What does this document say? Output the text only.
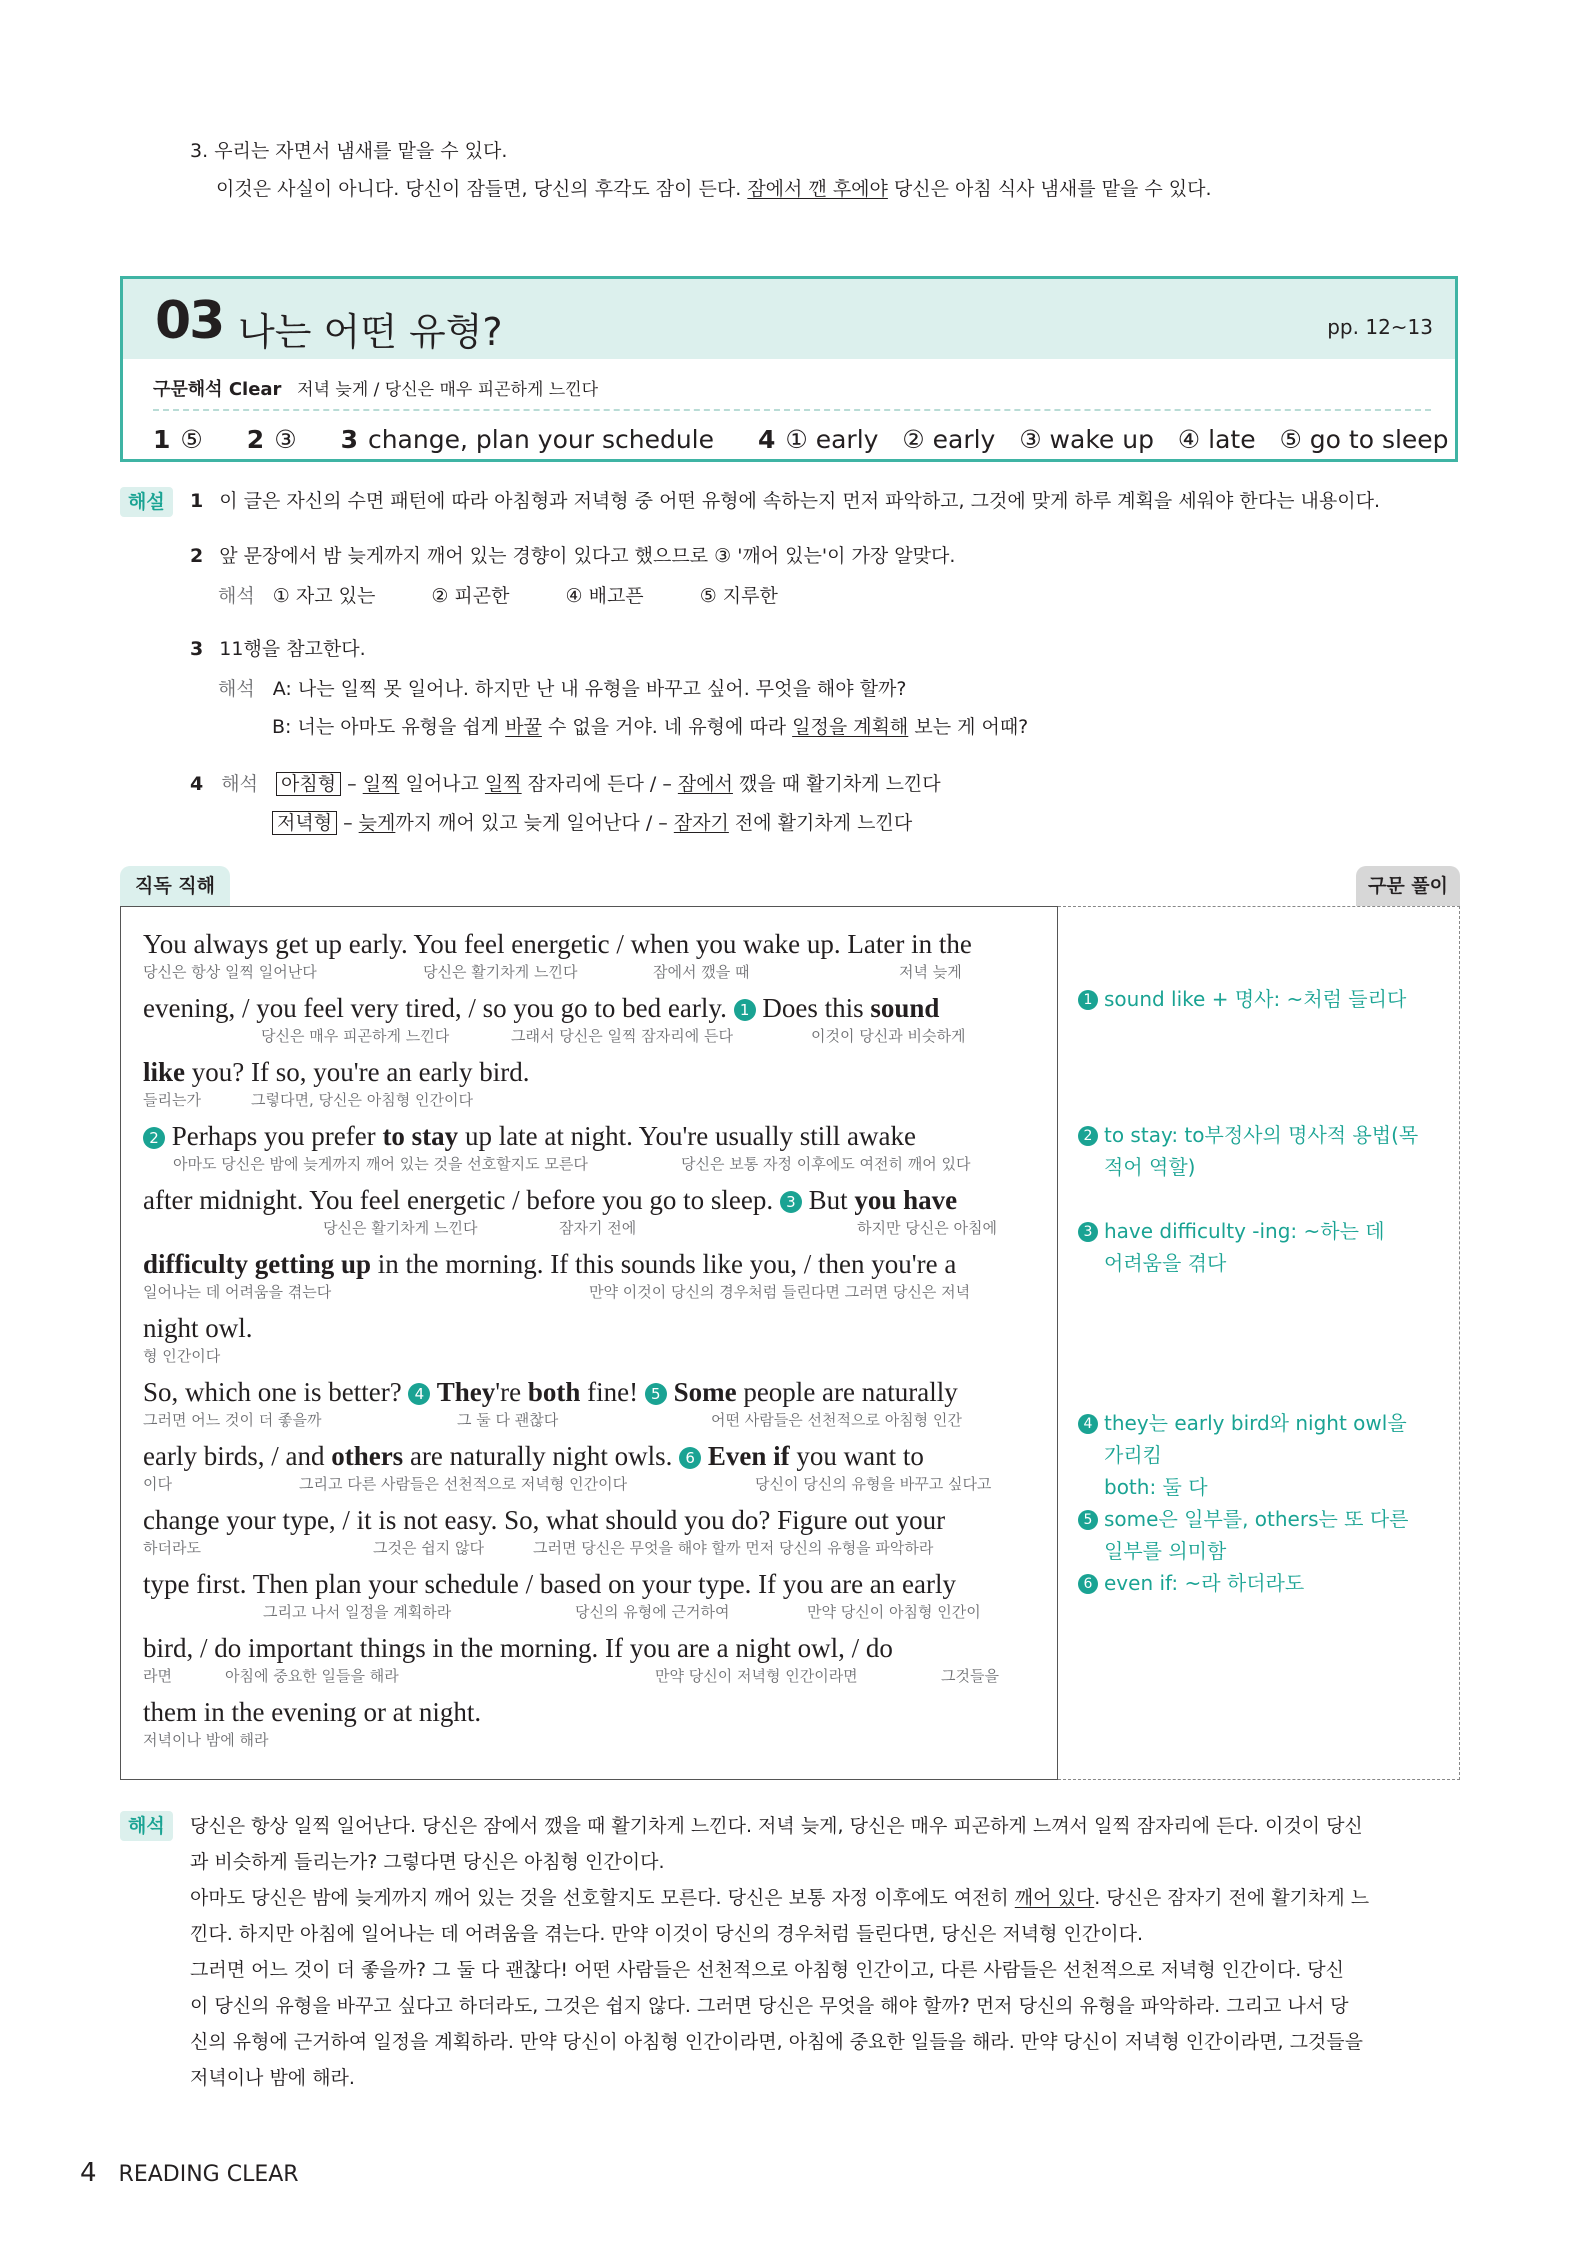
3. 우리는 자면서 냄새를 맡을 수 있다.
이것은 사실이 아니다. 당신이 잠들면, 당신의 후각도 잠이 든다. 잠에서 깬 후에야 당신은 아침 식사 냄새를 맡을 수 있다.
03 나는 어떤 유형?	pp. 12~13
구문해석 Clear 저녁 늦게 / 당신은 매우 피곤하게 느낀다
1 ⑤ 2 ③ 3 change, plan your schedule 4 ① early   ② early   ③ wake up   ④ late   ⑤ go to sleep
해설	1 이 글은 자신의 수면 패턴에 따라 아침형과 저녁형 중 어떤 유형에 속하는지 먼저 파악하고, 그것에 맞게 하루 계획을 세워야 한다는 내용이다.
2 앞 문장에서 밤 늦게까지 깨어 있는 경향이 있다고 했으므로 ③ '깨어 있는'이 가장 알맞다.
해석 ① 자고 있는	② 피곤한	④ 배고픈	⑤ 지루한
3 11행을 참고한다.
해석 A: 나는 일찍 못 일어나. 하지만 난 내 유형을 바꾸고 싶어. 무엇을 해야 할까?
B: 너는 아마도 유형을 쉽게 바꿀 수 없을 거야. 네 유형에 따라 일정을 계획해 보는 게 어때?
4 해석 아침형 – 일찍 일어나고 일찍 잠자리에 든다 / – 잠에서 깼을 때 활기차게 느낀다
저녁형 – 늦게까지 깨어 있고 늦게 일어난다 / – 잠자기 전에 활기차게 느낀다
직독 직해	구문 풀이
You always get up early. You feel energetic / when you wake up. Later in the
당신은 항상 일찍 일어난다	당신은 활기차게 느낀다	잠에서 깼을 때	저녁 늦게
evening, / you feel very tired, / so you go to bed early. 1 Does this sound
당신은 매우 피곤하게 느낀다	그래서 당신은 일찍 잠자리에 든다	이것이 당신과 비슷하게
like you? If so, you're an early bird.
들리는가	그렇다면, 당신은 아침형 인간이다
2 Perhaps you prefer to stay up late at night. You're usually still awake
아마도 당신은 밤에 늦게까지 깨어 있는 것을 선호할지도 모른다	당신은 보통 자정 이후에도 여전히 깨어 있다
after midnight. You feel energetic / before you go to sleep. 3 But you have
당신은 활기차게 느낀다	잠자기 전에	하지만 당신은 아침에
difficulty getting up in the morning. If this sounds like you, / then you're a
일어나는 데 어려움을 겪는다	만약 이것이 당신의 경우처럼 들린다면 그러면 당신은 저녁
night owl.
형 인간이다
So, which one is better? 4 They're both fine! 5 Some people are naturally
그러면 어느 것이 더 좋을까	그 둘 다 괜찮다	어떤 사람들은 선천적으로 아침형 인간
early birds, / and others are naturally night owls. 6 Even if you want to
이다	그리고 다른 사람들은 선천적으로 저녁형 인간이다	당신이 당신의 유형을 바꾸고 싶다고
change your type, / it is not easy. So, what should you do? Figure out your
하더라도	그것은 쉽지 않다	그러면 당신은 무엇을 해야 할까 먼저 당신의 유형을 파악하라
type first. Then plan your schedule / based on your type. If you are an early
그리고 나서 일정을 계획하라	당신의 유형에 근거하여	만약 당신이 아침형 인간이
bird, / do important things in the morning. If you are a night owl, / do
라면	아침에 중요한 일들을 해라	만약 당신이 저녁형 인간이라면	그것들을
them in the evening or at night.
저녁이나 밤에 해라
1 sound like + 명사: ~처럼 들리다
2 to stay: to부정사의 명사적 용법(목
적어 역할)
3 have difficulty -ing: ~하는 데
어려움을 겪다
4 they는 early bird와 night owl을
가리킴
both: 둘 다
5 some은 일부를, others는 또 다른
일부를 의미함
6 even if: ~라 하더라도
해석	당신은 항상 일찍 일어난다. 당신은 잠에서 깼을 때 활기차게 느낀다. 저녁 늦게, 당신은 매우 피곤하게 느껴서 일찍 잠자리에 든다. 이것이 당신
과 비슷하게 들리는가? 그렇다면 당신은 아침형 인간이다.
아마도 당신은 밤에 늦게까지 깨어 있는 것을 선호할지도 모른다. 당신은 보통 자정 이후에도 여전히 깨어 있다. 당신은 잠자기 전에 활기차게 느
낀다. 하지만 아침에 일어나는 데 어려움을 겪는다. 만약 이것이 당신의 경우처럼 들린다면, 당신은 저녁형 인간이다.
그러면 어느 것이 더 좋을까? 그 둘 다 괜찮다! 어떤 사람들은 선천적으로 아침형 인간이고, 다른 사람들은 선천적으로 저녁형 인간이다. 당신
이 당신의 유형을 바꾸고 싶다고 하더라도, 그것은 쉽지 않다. 그러면 당신은 무엇을 해야 할까? 먼저 당신의 유형을 파악하라. 그리고 나서 당
신의 유형에 근거하여 일정을 계획하라. 만약 당신이 아침형 인간이라면, 아침에 중요한 일들을 해라. 만약 당신이 저녁형 인간이라면, 그것들을
저녁이나 밤에 해라.
4 READING CLEAR
